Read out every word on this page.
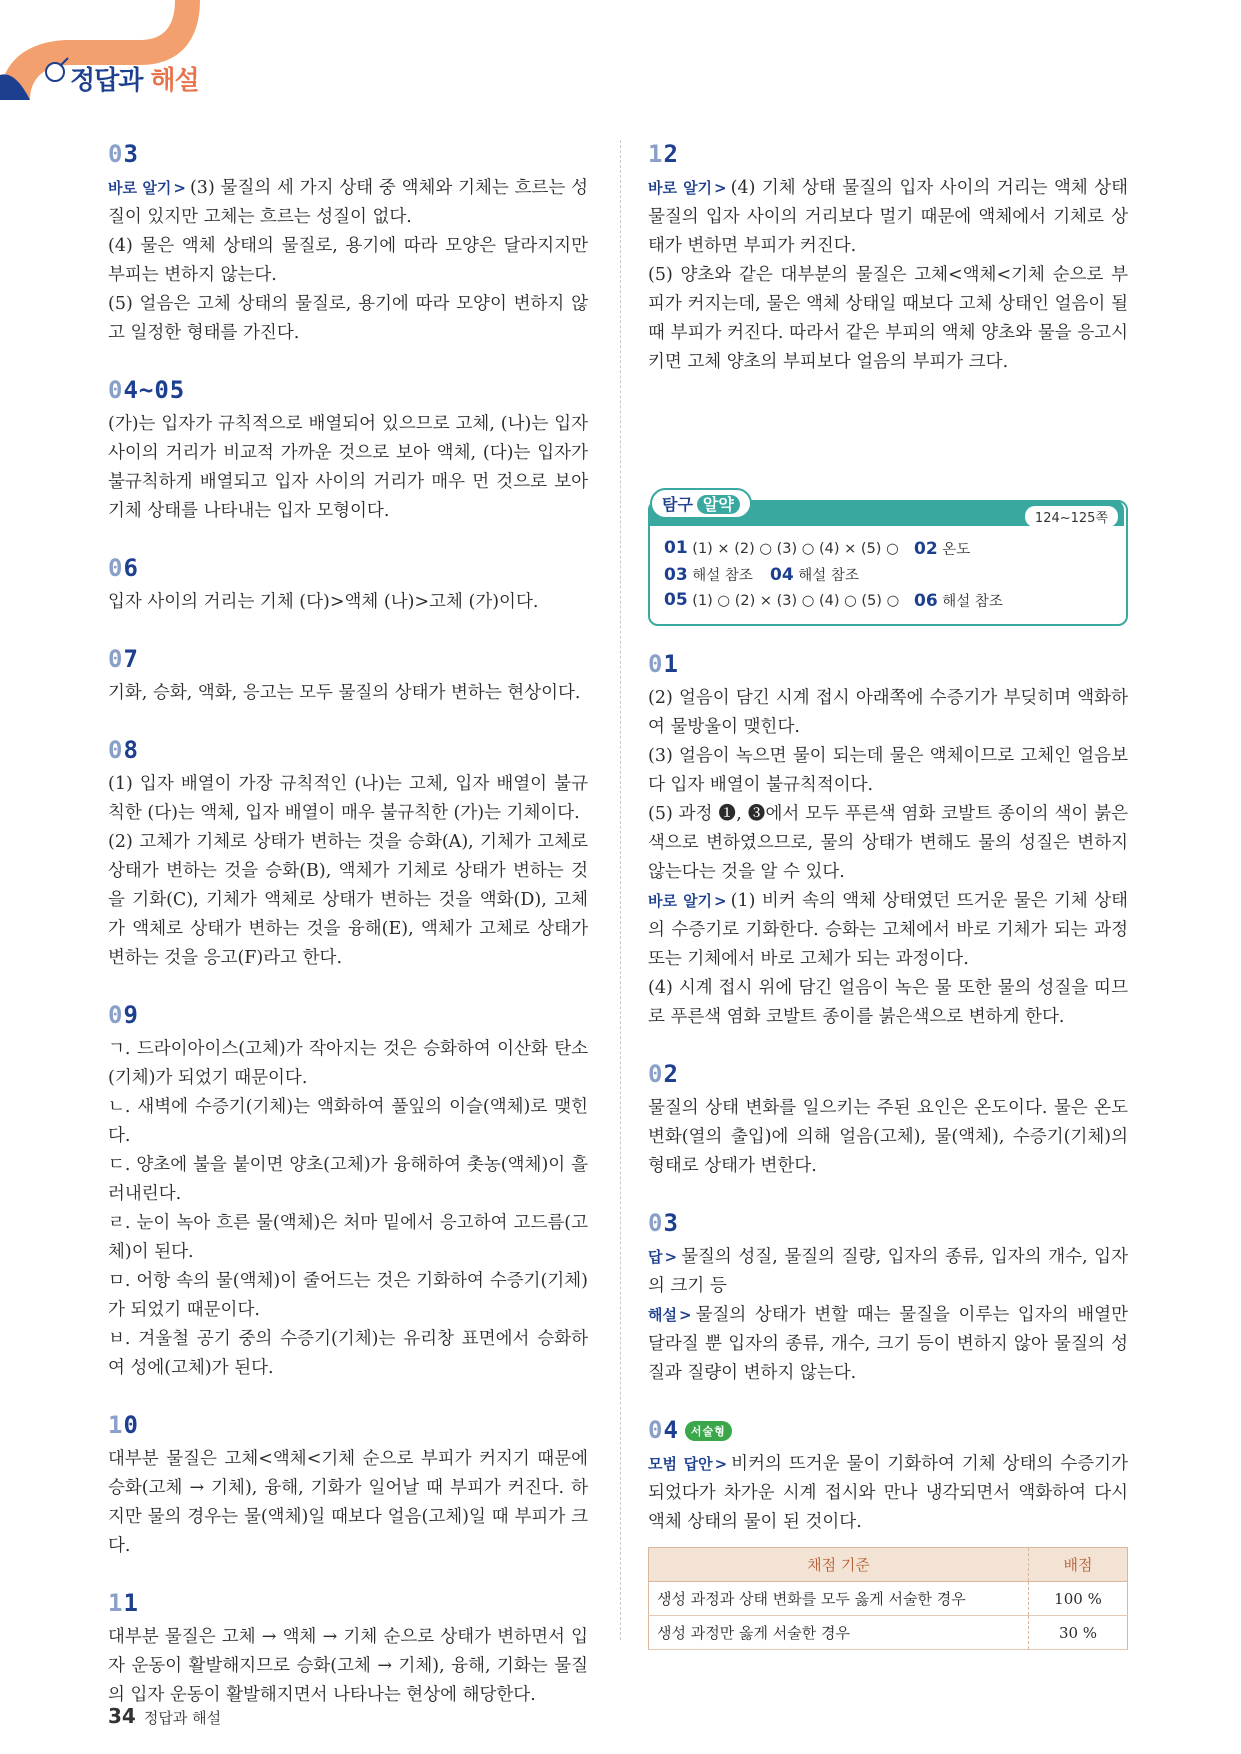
정답과 해설
03

바로 알기 > (3) 물질의 세 가지 상태 중 액체와 기체는 흐르는 성질이 있지만 고체는 흐르는 성질이 없다.

(4) 물은 액체 상태의 물질로, 용기에 따라 모양은 달라지지만 부피는 변하지 않는다.

(5) 얼음은 고체 상태의 물질로, 용기에 따라 모양이 변하지 않고 일정한 형태를 가진다.

04~05

(가)는 입자가 규칙적으로 배열되어 있으므로 고체, (나)는 입자 사이의 거리가 비교적 가까운 것으로 보아 액체, (다)는 입자가 불규칙하게 배열되고 입자 사이의 거리가 매우 먼 것으로 보아 기체 상태를 나타내는 입자 모형이다.

06

입자 사이의 거리는 기체 (다)>액체 (나)>고체 (가)이다.

07

기화, 승화, 액화, 응고는 모두 물질의 상태가 변하는 현상이다.

08

(1) 입자 배열이 가장 규칙적인 (나)는 고체, 입자 배열이 불규칙한 (다)는 액체, 입자 배열이 매우 불규칙한 (가)는 기체이다.

(2) 고체가 기체로 상태가 변하는 것을 승화(A), 기체가 고체로 상태가 변하는 것을 승화(B), 액체가 기체로 상태가 변하는 것을 기화(C), 기체가 액체로 상태가 변하는 것을 액화(D), 고체가 액체로 상태가 변하는 것을 융해(E), 액체가 고체로 상태가 변하는 것을 응고(F)라고 한다.

09

ㄱ. 드라이아이스(고체)가 작아지는 것은 승화하여 이산화 탄소(기체)가 되었기 때문이다.

ㄴ. 새벽에 수증기(기체)는 액화하여 풀잎의 이슬(액체)로 맺힌다.

ㄷ. 양초에 불을 붙이면 양초(고체)가 융해하여 촛농(액체)이 흘러내린다.

ㄹ. 눈이 녹아 흐른 물(액체)은 처마 밑에서 응고하여 고드름(고체)이 된다.

ㅁ. 어항 속의 물(액체)이 줄어드는 것은 기화하여 수증기(기체)가 되었기 때문이다.

ㅂ. 겨울철 공기 중의 수증기(기체)는 유리창 표면에서 승화하여 성에(고체)가 된다.

10

대부분 물질은 고체<액체<기체 순으로 부피가 커지기 때문에 승화(고체 → 기체), 융해, 기화가 일어날 때 부피가 커진다. 하지만 물의 경우는 물(액체)일 때보다 얼음(고체)일 때 부피가 크다.

11

대부분 물질은 고체 → 액체 → 기체 순으로 상태가 변하면서 입자 운동이 활발해지므로 승화(고체 → 기체), 융해, 기화는 물질의 입자 운동이 활발해지면서 나타나는 현상에 해당한다.

12

바로 알기 > (4) 기체 상태 물질의 입자 사이의 거리는 액체 상태 물질의 입자 사이의 거리보다 멀기 때문에 액체에서 기체로 상태가 변하면 부피가 커진다.

(5) 양초와 같은 대부분의 물질은 고체<액체<기체 순으로 부피가 커지는데, 물은 액체 상태일 때보다 고체 상태인 얼음이 될 때 부피가 커진다. 따라서 같은 부피의 액체 양초와 물을 응고시키면 고체 양초의 부피보다 얼음의 부피가 크다.

탐구 알약
124~125쪽
01 (1) × (2) ○ (3) ○ (4) × (5) ○ 02 온도
03 해설 참조 04 해설 참조
05 (1) ○ (2) × (3) ○ (4) ○ (5) ○ 06 해설 참조
01

(2) 얼음이 담긴 시계 접시 아래쪽에 수증기가 부딪히며 액화하여 물방울이 맺힌다.

(3) 얼음이 녹으면 물이 되는데 물은 액체이므로 고체인 얼음보다 입자 배열이 불규칙적이다.

(5) 과정 ❶, ❸에서 모두 푸른색 염화 코발트 종이의 색이 붉은색으로 변하였으므로, 물의 상태가 변해도 물의 성질은 변하지 않는다는 것을 알 수 있다.

바로 알기 > (1) 비커 속의 액체 상태였던 뜨거운 물은 기체 상태의 수증기로 기화한다. 승화는 고체에서 바로 기체가 되는 과정 또는 기체에서 바로 고체가 되는 과정이다.

(4) 시계 접시 위에 담긴 얼음이 녹은 물 또한 물의 성질을 띠므로 푸른색 염화 코발트 종이를 붉은색으로 변하게 한다.

02

물질의 상태 변화를 일으키는 주된 요인은 온도이다. 물은 온도 변화(열의 출입)에 의해 얼음(고체), 물(액체), 수증기(기체)의 형태로 상태가 변한다.

03

답 > 물질의 성질, 물질의 질량, 입자의 종류, 입자의 개수, 입자의 크기 등

해설 > 물질의 상태가 변할 때는 물질을 이루는 입자의 배열만 달라질 뿐 입자의 종류, 개수, 크기 등이 변하지 않아 물질의 성질과 질량이 변하지 않는다.

04 서술형

모범 답안 > 비커의 뜨거운 물이 기화하여 기체 상태의 수증기가 되었다가 차가운 시계 접시와 만나 냉각되면서 액화하여 다시 액체 상태의 물이 된 것이다.

채점 기준	배점
생성 과정과 상태 변화를 모두 옳게 서술한 경우	100 %
생성 과정만 옳게 서술한 경우	30 %
34 정답과 해설
